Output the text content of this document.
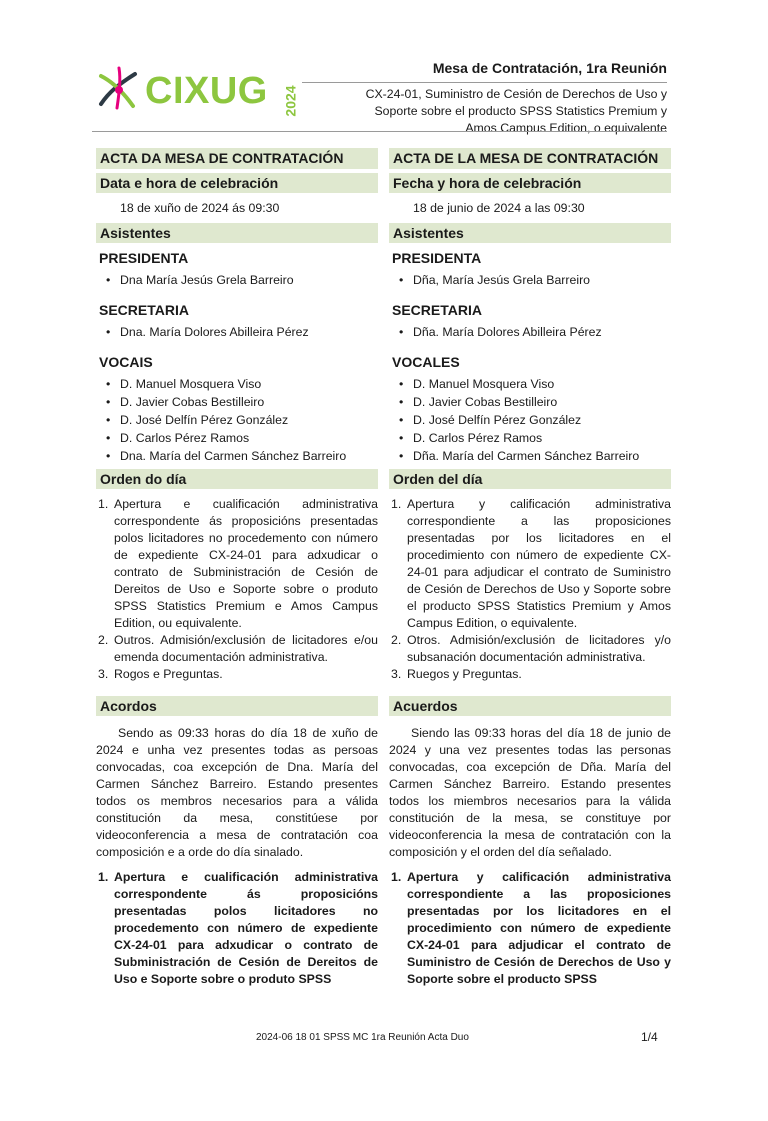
CIXUG 2024
Mesa de Contratación, 1ra Reunión
CX-24-01, Suministro de Cesión de Derechos de Uso y
Soporte sobre el producto SPSS Statistics Premium y
Amos Campus Edition, o equivalente
ACTA DA MESA DE CONTRATACIÓN
Data e hora de celebración
18 de xuño de 2024 ás 09:30
Asistentes
PRESIDENTA
• Dna María Jesús Grela Barreiro
SECRETARIA
• Dna. María Dolores Abilleira Pérez
VOCAIS
• D. Manuel Mosquera Viso
• D. Javier Cobas Bestilleiro
• D. José Delfín Pérez González
• D. Carlos Pérez Ramos
• Dna. María del Carmen Sánchez Barreiro
Orden do día
1. Apertura e cualificación administrativa correspondente ás proposicións presentadas polos licitadores no procedemento con número de expediente CX-24-01 para adxudicar o contrato de Subministración de Cesión de Dereitos de Uso e Soporte sobre o produto SPSS Statistics Premium e Amos Campus Edition, ou equivalente.
2. Outros. Admisión/exclusión de licitadores e/ou emenda documentación administrativa.
3. Rogos e Preguntas.
Acordos
Sendo as 09:33 horas do día 18 de xuño de 2024 e unha vez presentes todas as persoas convocadas, coa excepción de Dna. María del Carmen Sánchez Barreiro. Estando presentes todos os membros necesarios para a válida constitución da mesa, constitúese por videoconferencia a mesa de contratación coa composición e a orde do día sinalado.
1. Apertura e cualificación administrativa correspondente ás proposicións presentadas polos licitadores no procedemento con número de expediente CX-24-01 para adxudicar o contrato de Subministración de Cesión de Dereitos de Uso e Soporte sobre o produto SPSS
ACTA DE LA MESA DE CONTRATACIÓN
Fecha y hora de celebración
18 de junio de 2024 a las 09:30
Asistentes
PRESIDENTA
• Dña, María Jesús Grela Barreiro
SECRETARIA
• Dña. María Dolores Abilleira Pérez
VOCALES
• D. Manuel Mosquera Viso
• D. Javier Cobas Bestilleiro
• D. José Delfín Pérez González
• D. Carlos Pérez Ramos
• Dña. María del Carmen Sánchez Barreiro
Orden del día
1. Apertura y calificación administrativa correspondiente a las proposiciones presentadas por los licitadores en el procedimiento con número de expediente CX-24-01 para adjudicar el contrato de Suministro de Cesión de Derechos de Uso y Soporte sobre el producto SPSS Statistics Premium y Amos Campus Edition, o equivalente.
2. Otros. Admisión/exclusión de licitadores y/o subsanación documentación administrativa.
3. Ruegos y Preguntas.
Acuerdos
Siendo las 09:33 horas del día 18 de junio de 2024 y una vez presentes todas las personas convocadas, coa excepción de Dña. María del Carmen Sánchez Barreiro. Estando presentes todos los miembros necesarios para la válida constitución de la mesa, se constituye por videoconferencia la mesa de contratación con la composición y el orden del día señalado.
1. Apertura y calificación administrativa correspondiente a las proposiciones presentadas por los licitadores en el procedimiento con número de expediente CX-24-01 para adjudicar el contrato de Suministro de Cesión de Derechos de Uso y Soporte sobre el producto SPSS
2024-06 18 01 SPSS MC 1ra Reunión Acta Duo	1/4
